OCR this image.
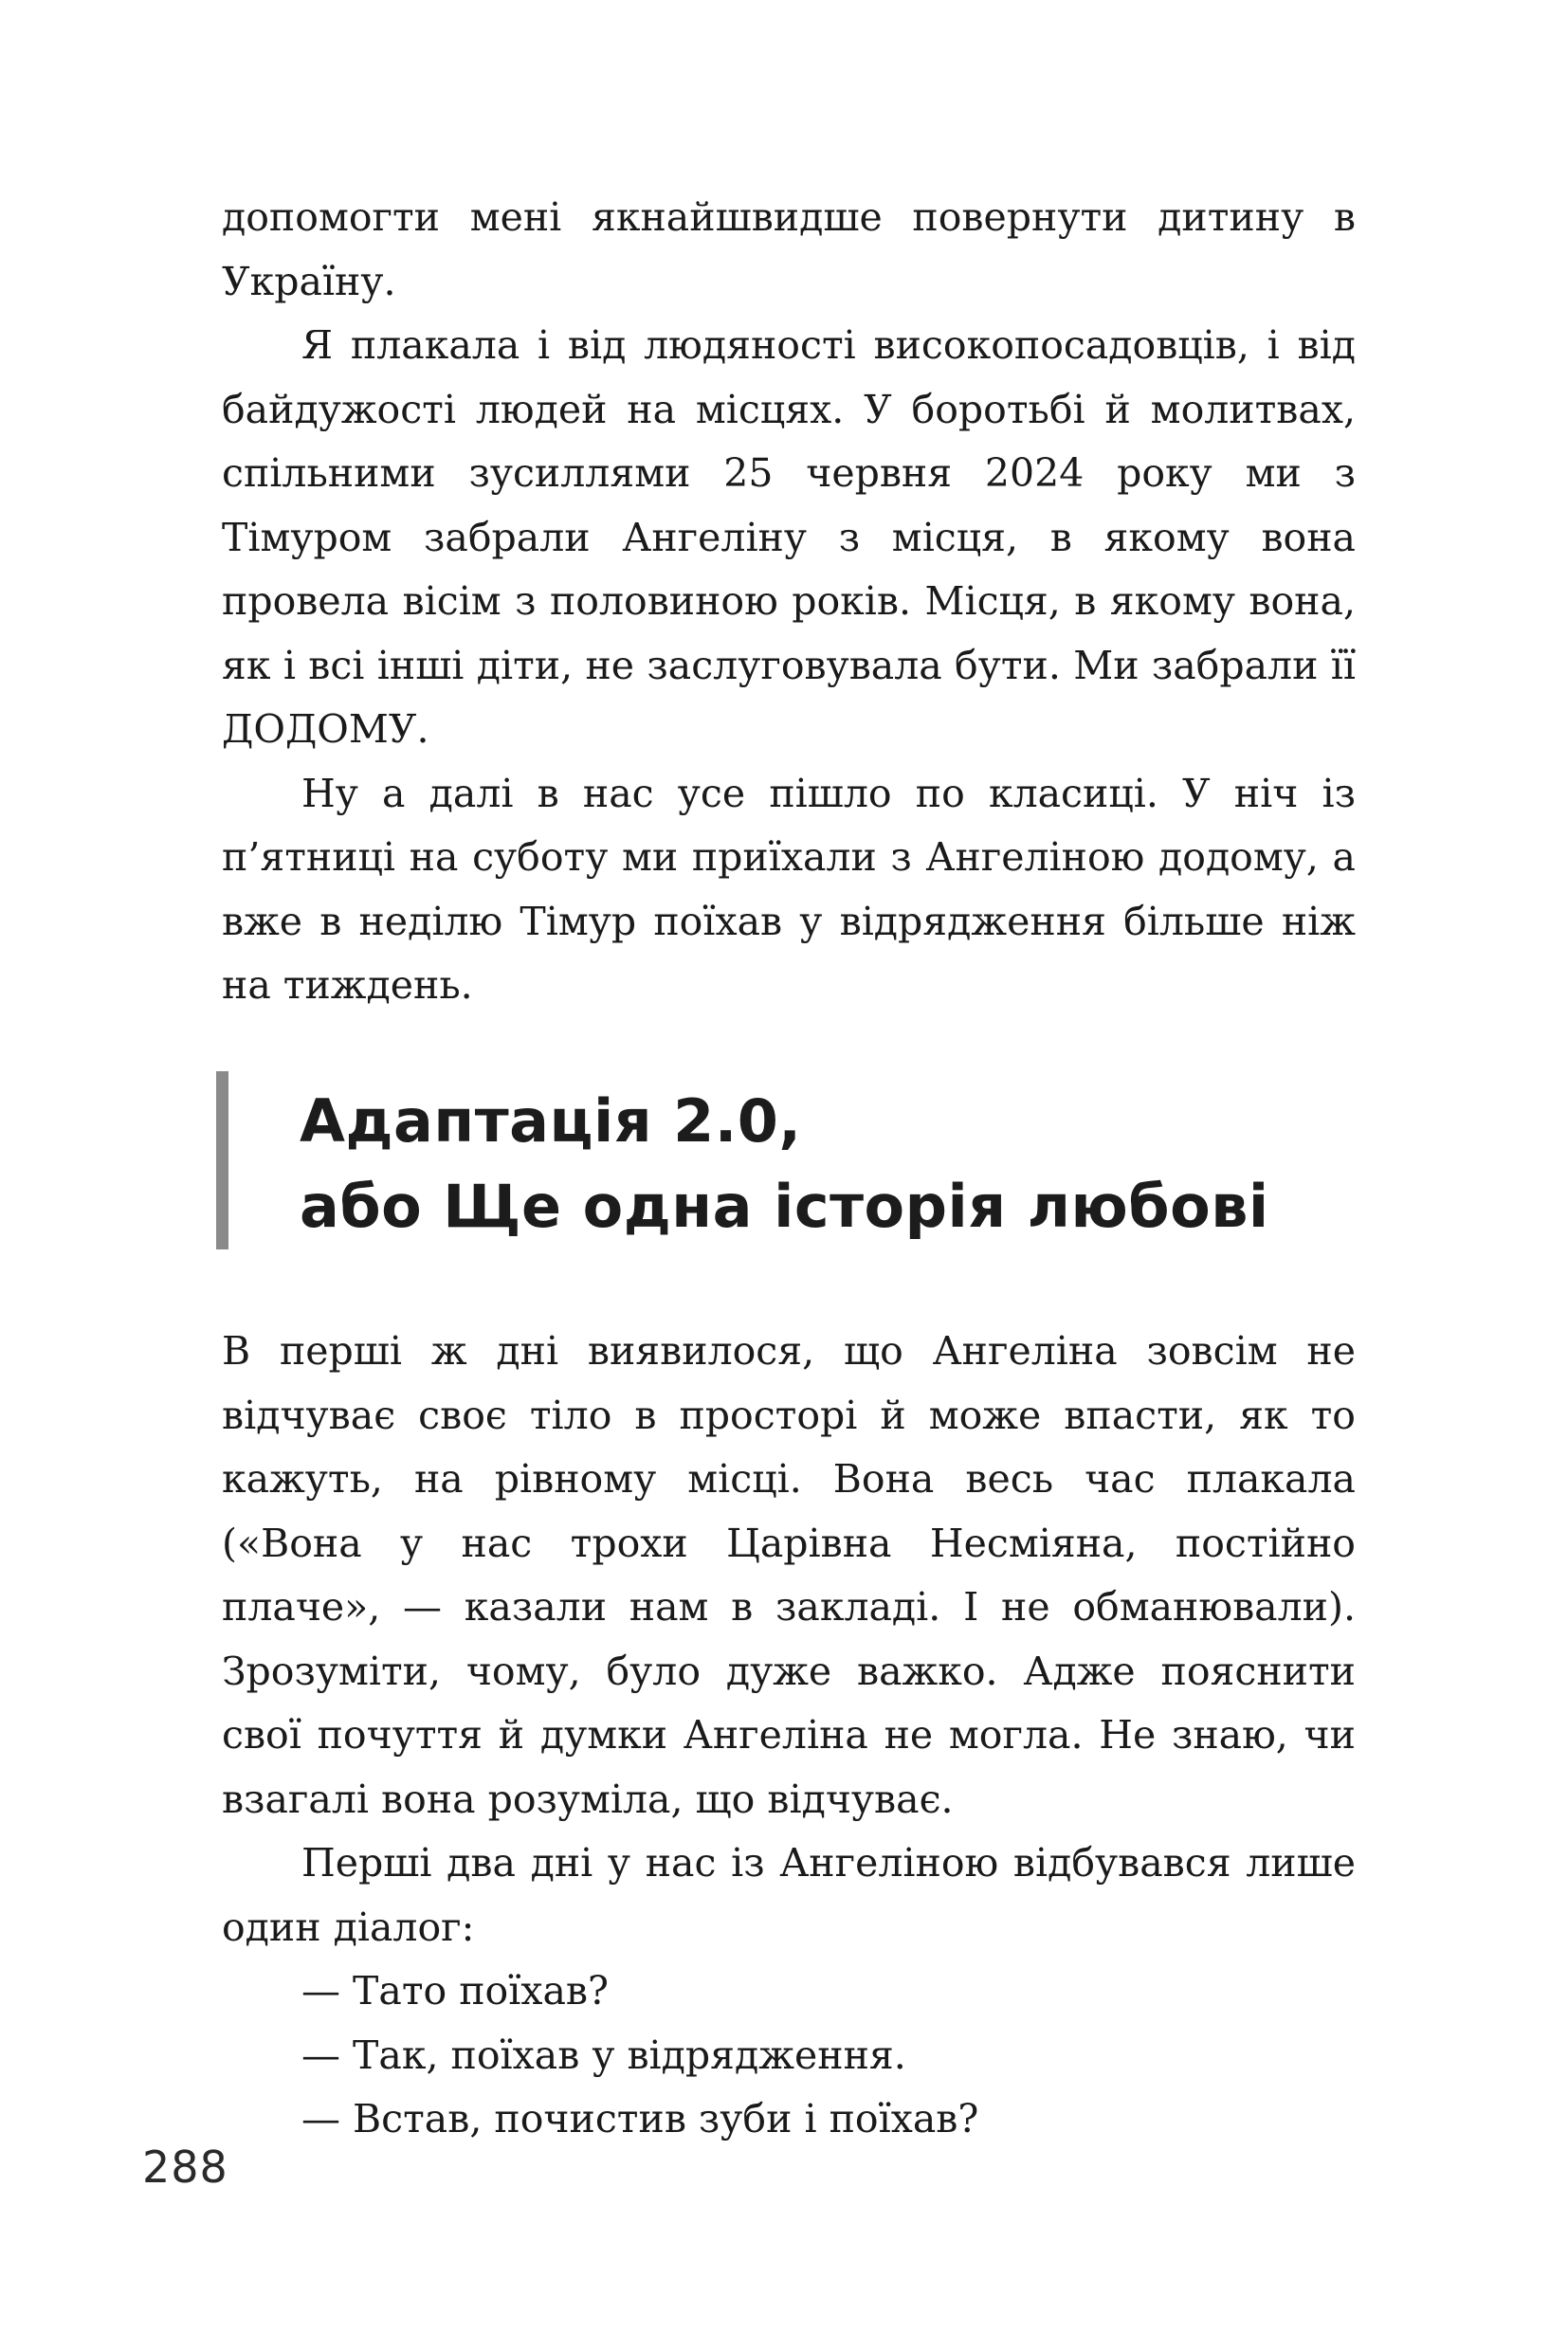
допомогти мені якнайшвидше повернути дитину в Україну.

Я плакала і від людяності високопосадовців, і від байдужості людей на місцях. У боротьбі й молитвах, спільними зусиллями 25 червня 2024 року ми з Тімуром забрали Ангеліну з місця, в якому вона провела вісім з половиною років. Місця, в якому вона, як і всі інші діти, не заслуговувала бути. Ми забрали її ДОДОМУ.

Ну а далі в нас усе пішло по класиці. У ніч із п’ятниці на суботу ми приїхали з Ангеліною додому, а вже в неділю Тімур поїхав у відрядження більше ніж на тиждень.

Адаптація 2.0,
або Ще одна історія любові

В перші ж дні виявилося, що Ангеліна зовсім не відчуває своє тіло в просторі й може впасти, як то кажуть, на рівному місці. Вона весь час плакала («Вона у нас трохи Царівна Несміяна, постійно плаче», — казали нам в закладі. І не обманювали). Зрозуміти, чому, було дуже важко. Адже пояснити свої почуття й думки Ангеліна не могла. Не знаю, чи взагалі вона розуміла, що відчуває.

Перші два дні у нас із Ангеліною відбувався лише один діалог:

— Тато поїхав?

— Так, поїхав у відрядження.

— Встав, почистив зуби і поїхав?

288
